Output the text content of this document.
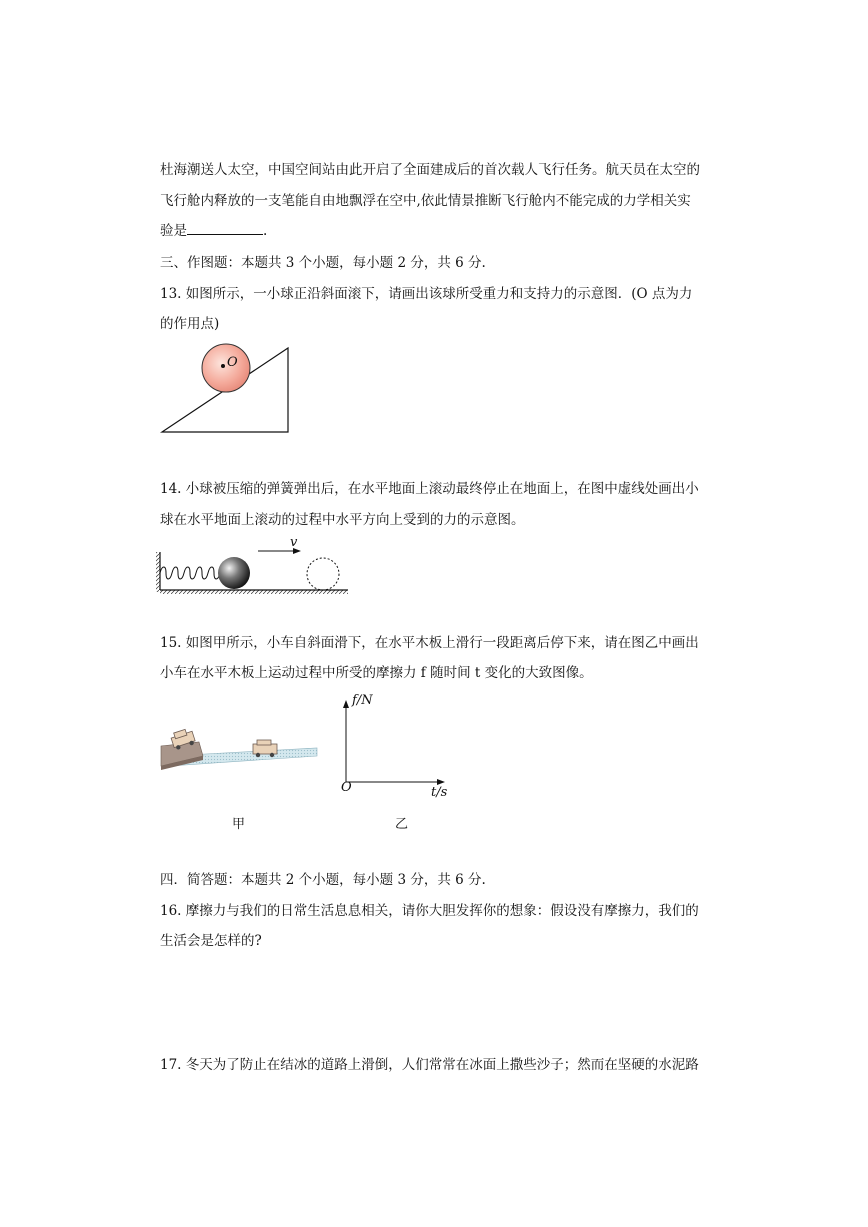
杜海潮送人太空，中国空间站由此开启了全面建成后的首次载人飞行任务。航天员在太空的
飞行舱内释放的一支笔能自由地飘浮在空中,依此情景推断飞行舱内不能完成的力学相关实
验是	.
三、作图题：本题共 3 个小题，每小题 2 分，共 6 分.
13. 如图所示，一小球正沿斜面滚下，请画出该球所受重力和支持力的示意图．(O 点为力
的作用点)
O
14. 小球被压缩的弹簧弹出后，在水平地面上滚动最终停止在地面上，在图中虚线处画出小
球在水平地面上滚动的过程中水平方向上受到的力的示意图。
v
15. 如图甲所示，小车自斜面滑下，在水平木板上滑行一段距离后停下来，请在图乙中画出
小车在水平木板上运动过程中所受的摩擦力 f 随时间 t 变化的大致图像。
f/N
t/s
O
甲	乙
四．简答题：本题共 2 个小题，每小题 3 分，共 6 分.
16. 摩擦力与我们的日常生活息息相关，请你大胆发挥你的想象：假设没有摩擦力，我们的
生活会是怎样的?
17. 冬天为了防止在结冰的道路上滑倒，人们常常在冰面上撒些沙子；然而在坚硬的水泥路
